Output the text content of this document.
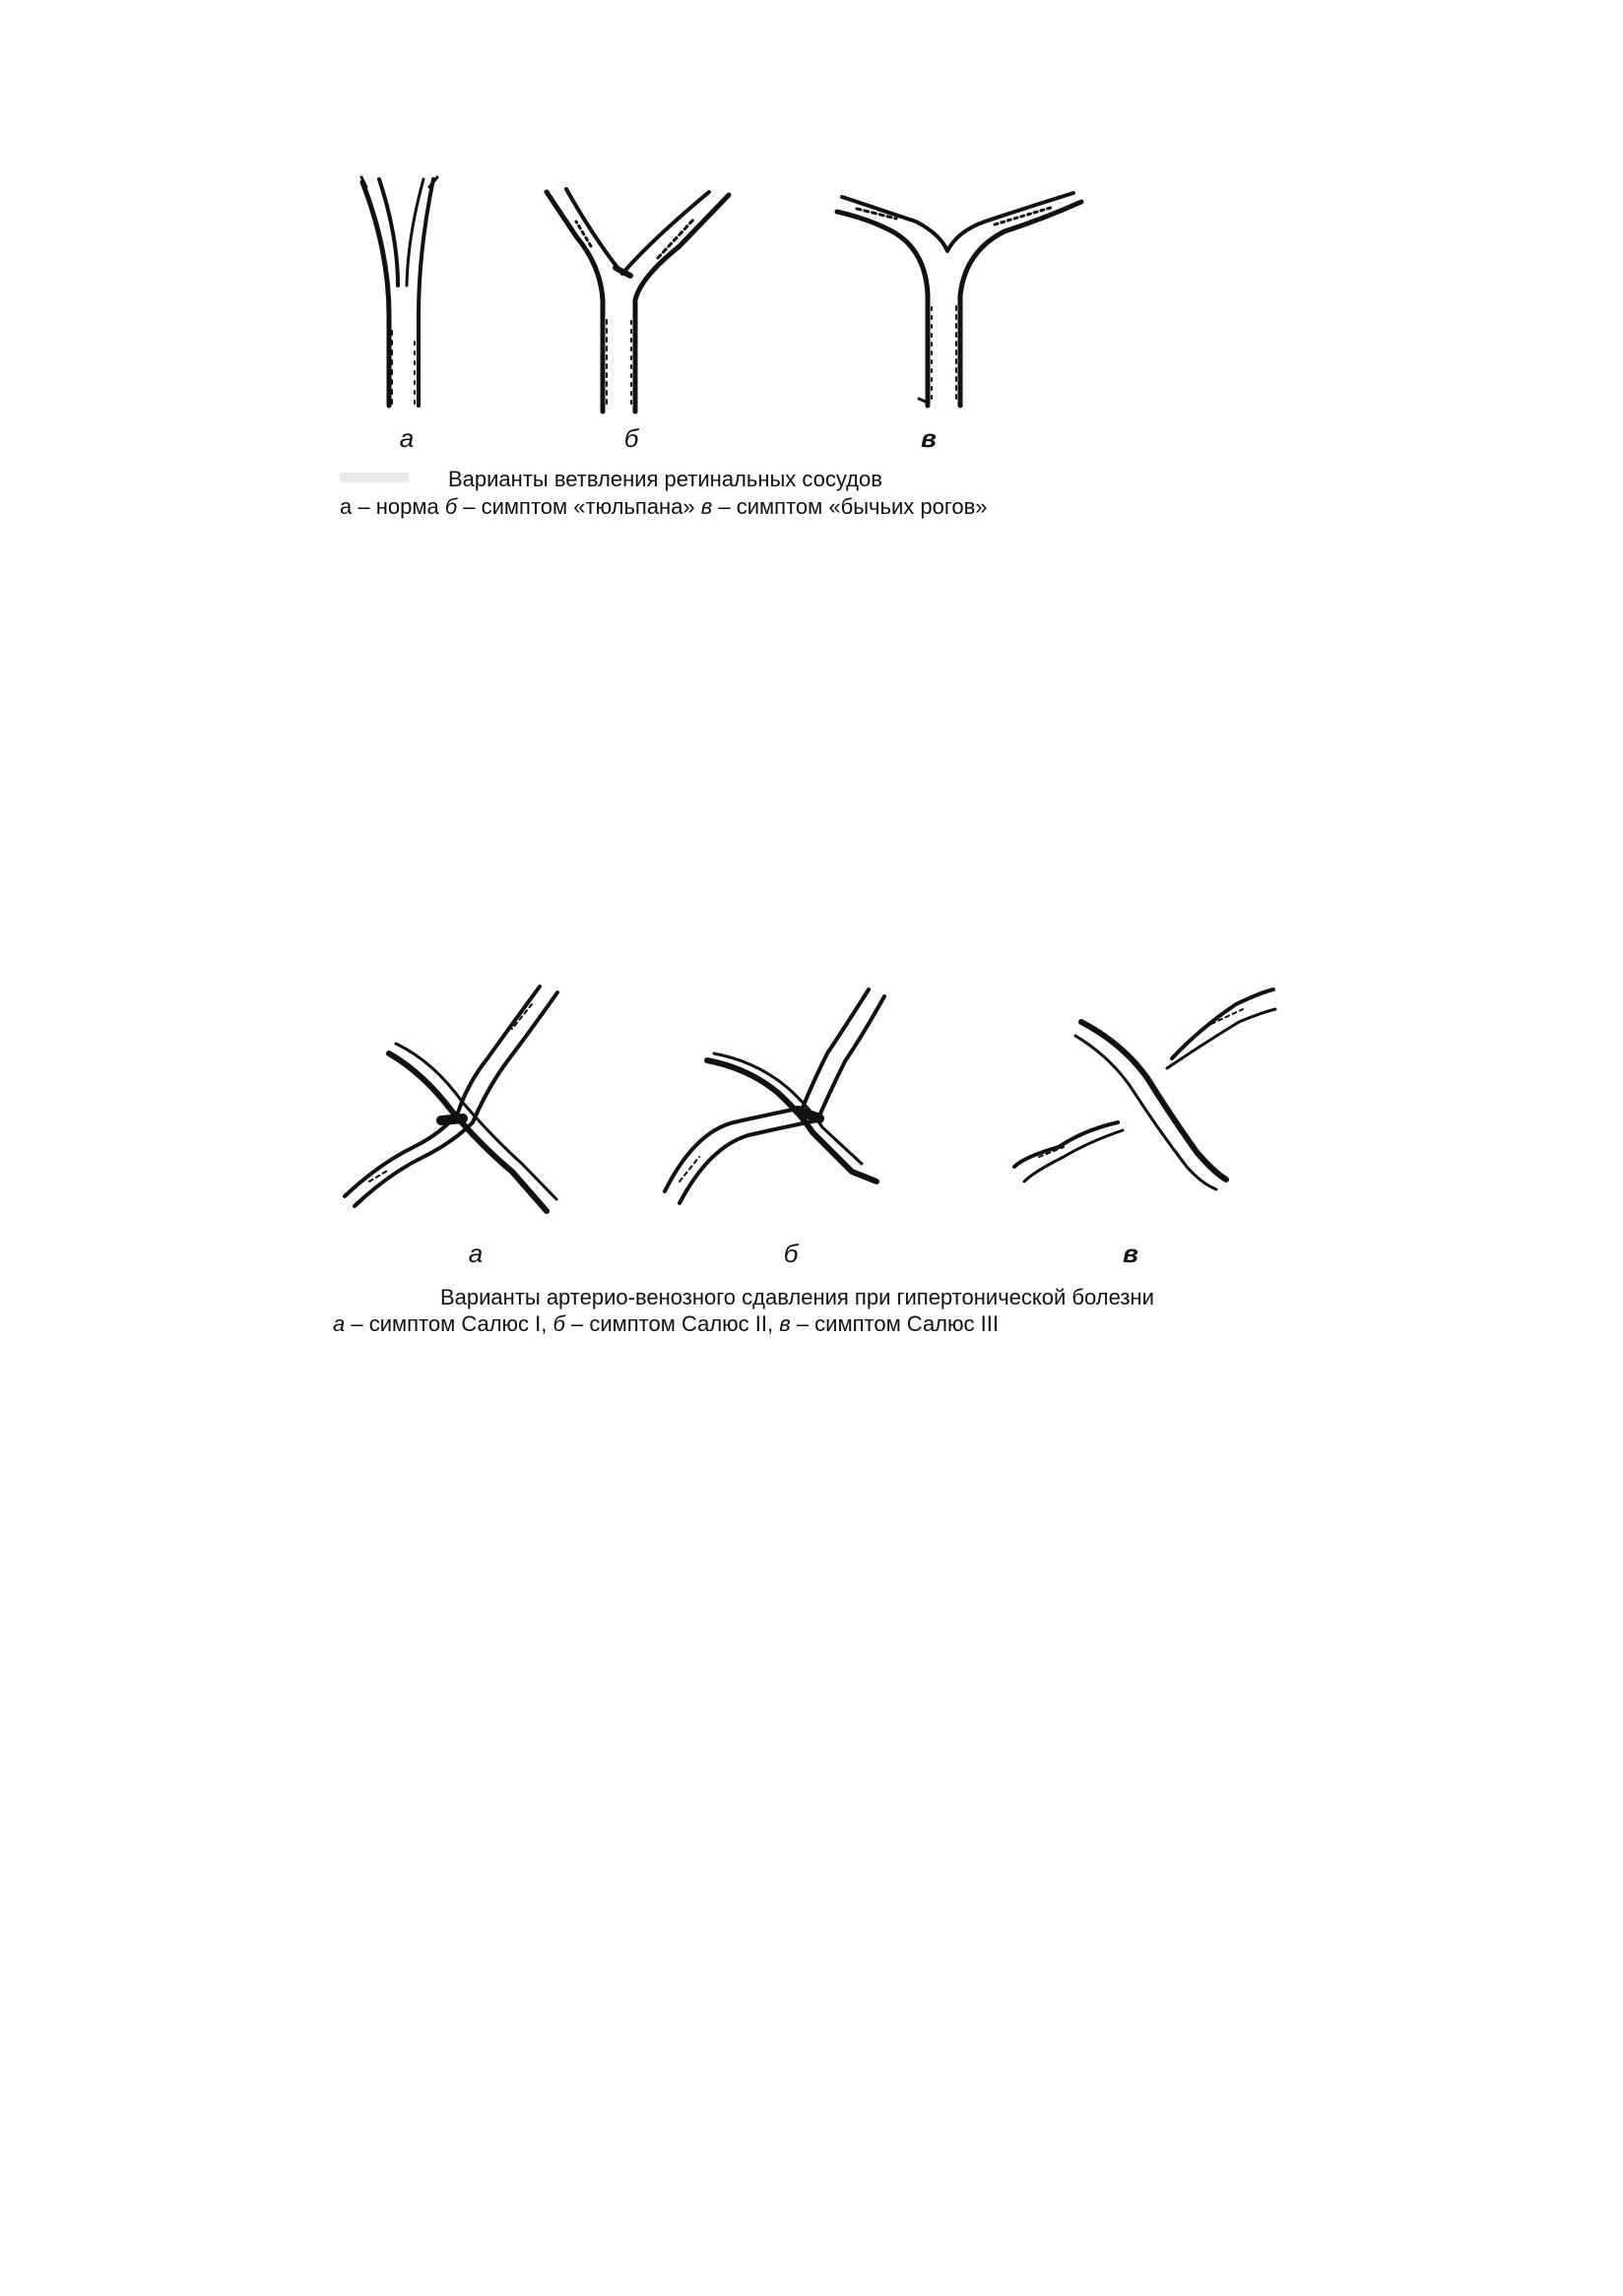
а	б	в
Варианты ветвления ретинальных сосудов
а – норма б – симптом «тюльпана» в – симптом «бычьих рогов»
а	б	в
Варианты артерио-венозного сдавления при гипертонической болезни
а – симптом Салюс I, б – симптом Салюс II, в – симптом Салюс III
